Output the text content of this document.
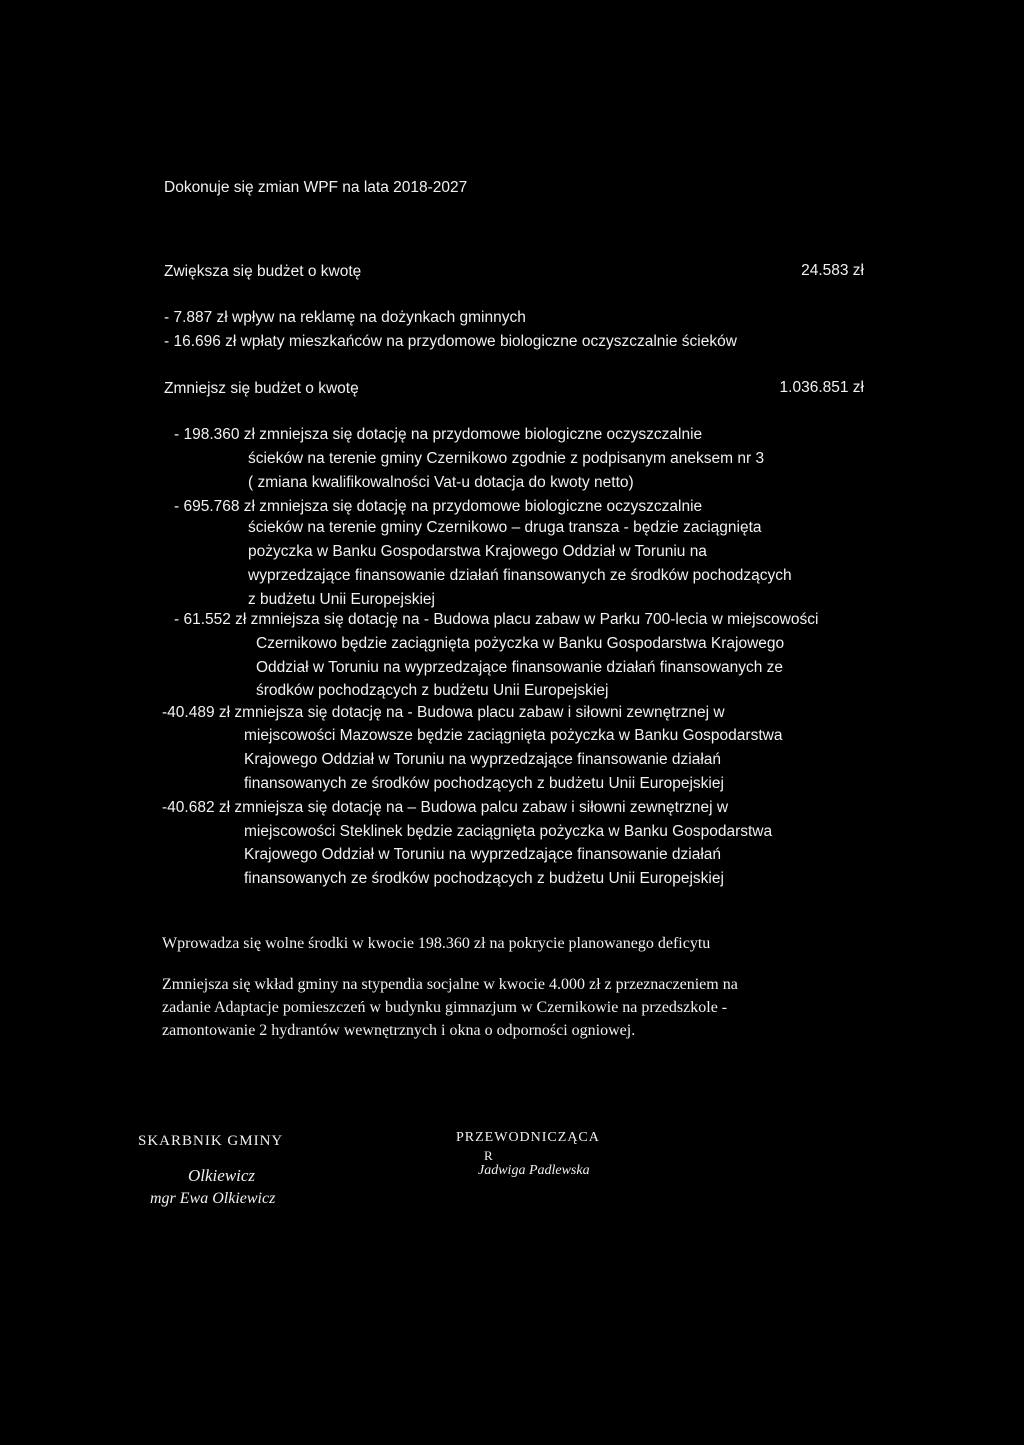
Dokonuje się zmian WPF na lata 2018-2027
Zwiększa się budżet o kwotę	24.583 zł
- 7.887 zł wpływ na reklamę na dożynkach gminnych
- 16.696 zł wpłaty mieszkańców na przydomowe biologiczne oczyszczalnie ścieków
Zmniejsz się budżet o kwotę	1.036.851 zł
- 198.360 zł zmniejsza się dotację na przydomowe biologiczne oczyszczalnie
ścieków na terenie gminy Czernikowo zgodnie z podpisanym aneksem nr 3
( zmiana kwalifikowalności Vat-u dotacja do kwoty netto)
- 695.768 zł zmniejsza się dotację na przydomowe biologiczne oczyszczalnie
ścieków na terenie gminy Czernikowo – druga transza - będzie zaciągnięta
pożyczka w Banku Gospodarstwa Krajowego Oddział w Toruniu na
wyprzedzające finansowanie działań finansowanych ze środków pochodzących
z budżetu Unii Europejskiej
- 61.552 zł zmniejsza się dotację na - Budowa placu zabaw w Parku 700-lecia w miejscowości
Czernikowo będzie zaciągnięta pożyczka w Banku Gospodarstwa Krajowego
Oddział w Toruniu na wyprzedzające finansowanie działań finansowanych ze
środków pochodzących z budżetu Unii Europejskiej
-40.489 zł zmniejsza się dotację na - Budowa placu zabaw i siłowni zewnętrznej w
miejscowości Mazowsze będzie zaciągnięta pożyczka w Banku Gospodarstwa
Krajowego Oddział w Toruniu na wyprzedzające finansowanie działań
finansowanych ze środków pochodzących z budżetu Unii Europejskiej
-40.682 zł zmniejsza się dotację na – Budowa palcu zabaw i siłowni zewnętrznej w
miejscowości Steklinek będzie zaciągnięta pożyczka w Banku Gospodarstwa
Krajowego Oddział w Toruniu na wyprzedzające finansowanie działań
finansowanych ze środków pochodzących z budżetu Unii Europejskiej
Wprowadza się wolne środki w kwocie 198.360 zł na pokrycie planowanego deficytu
Zmniejsza się wkład gminy na stypendia socjalne w kwocie 4.000 zł z przeznaczeniem na
zadanie Adaptacje pomieszczeń w budynku gimnazjum w Czernikowie na przedszkole -
zamontowanie 2 hydrantów wewnętrznych i okna o odporności ogniowej.
SKARBNIK GMINY
Olkiewicz
mgr Ewa Olkiewicz
PRZEWODNICZĄCA
R
Jadwiga Padlewska
